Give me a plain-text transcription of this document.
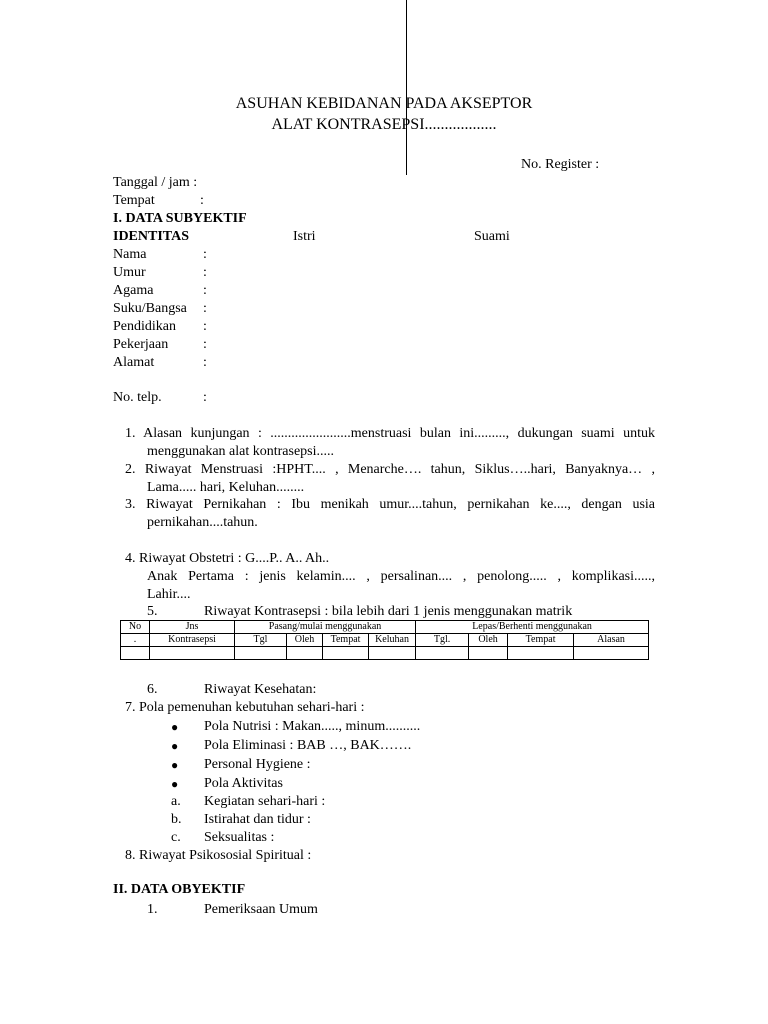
ASUHAN KEBIDANAN PADA AKSEPTOR
ALAT KONTRASEPSI..................
No. Register :
Tanggal / jam :
Tempat	:
I. DATA SUBYEKTIF
IDENTITAS	Istri	Suami
Nama	:
Umur	:
Agama	:
Suku/Bangsa :
Pendidikan :
Pekerjaan :
Alamat	:
No. telp.	:
1. Alasan kunjungan : .......................menstruasi bulan ini........., dukungan suami untuk
menggunakan alat kontrasepsi.....
2. Riwayat Menstruasi :HPHT.... , Menarche…. tahun, Siklus…..hari, Banyaknya… ,
Lama..... hari, Keluhan........
3. Riwayat Pernikahan : Ibu menikah umur....tahun, pernikahan ke...., dengan usia
pernikahan....tahun.
4. Riwayat Obstetri : G....P.. A.. Ah..
Anak Pertama : jenis kelamin.... , persalinan.... , penolong..... , komplikasi.....,
Lahir....
5.	Riwayat Kontrasepsi : bila lebih dari 1 jenis menggunakan matrik
No	Jns	Pasang/mulai menggunakan				Lepas/Berhenti menggunakan			
.	Kontrasepsi	Tgl	Oleh	Tempat	Keluhan	Tgl.	Oleh	Tempat	Alasan

6.	Riwayat Kesehatan:
7. Pola pemenuhan kebutuhan sehari-hari :
● Pola Nutrisi : Makan....., minum..........
● Pola Eliminasi : BAB …, BAK…….
● Personal Hygiene :
● Pola Aktivitas
a. Kegiatan sehari-hari :
b. Istirahat dan tidur :
c. Seksualitas :
8. Riwayat Psikososial Spiritual :
II. DATA OBYEKTIF
1.	Pemeriksaan Umum
